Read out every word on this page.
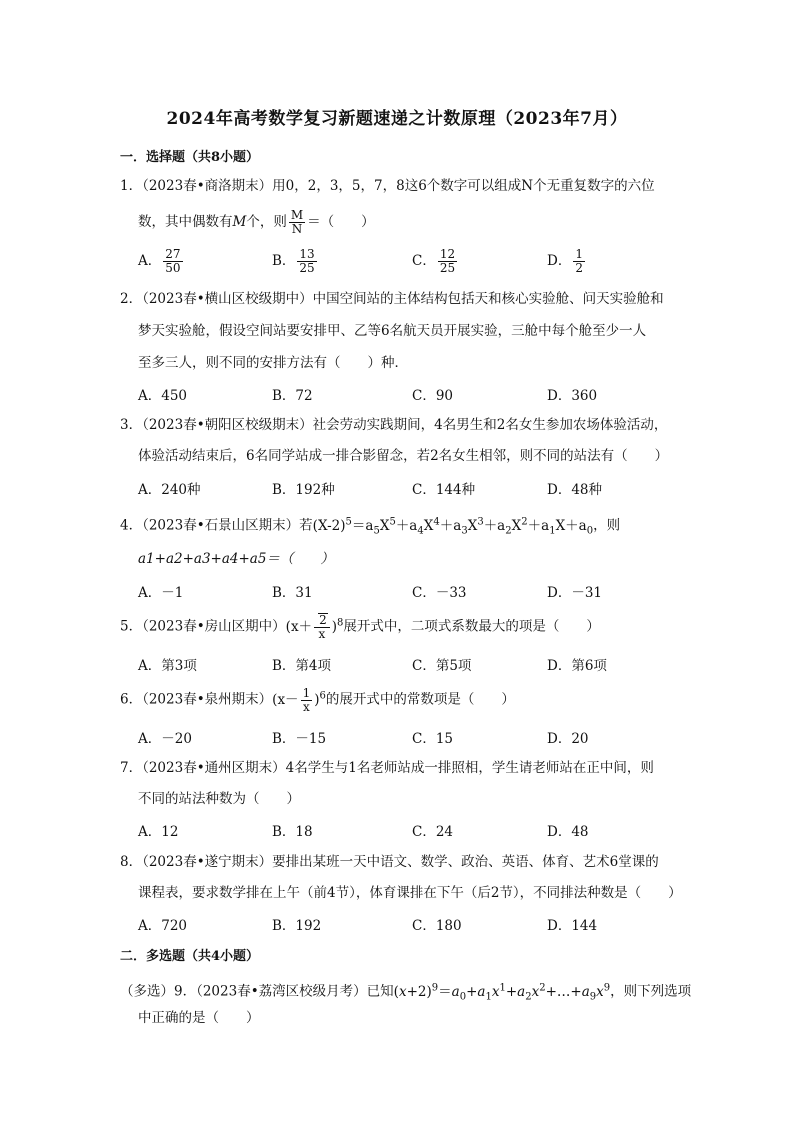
2024年高考数学复习新题速递之计数原理（2023年7月）
一．选择题（共8小题）
1．（2023春•商洛期末）用0，2，3，5，7，8这6个数字可以组成N个无重复数字的六位
数，其中偶数有M个，则 $\frac{M}{N}$ ＝（　　）
A． $\frac{27}{50}$	B． $\frac{13}{25}$	C． $\frac{12}{25}$	D． $\frac{1}{2}$
2．（2023春•横山区校级期中）中国空间站的主体结构包括天和核心实验舱、问天实验舱和
梦天实验舱，假设空间站要安排甲、乙等6名航天员开展实验，三舱中每个舱至少一人
至多三人，则不同的安排方法有（　　）种．
A．450	B．72	C．90	D．360
3．（2023春•朝阳区校级期末）社会劳动实践期间，4名男生和2名女生参加农场体验活动，
体验活动结束后，6名同学站成一排合影留念，若2名女生相邻，则不同的站法有（　　）
A．240种	B．192种	C．144种	D．48种
4．（2023春•石景山区期末）若$(X-2)^5=a_5X^5+a_4X^4+a_3X^3+a_2X^2+a_1X+a_0$，则
a1+a2+a3+a4+a5＝（　　）
A．－1	B．31	C．－33	D．－31
5．（2023春•房山区期中）$(x+ \frac{2}{x} )^8$展开式中，二项式系数最大的项是（　　）
A．第3项	B．第4项	C．第5项	D．第6项
6．（2023春•泉州期末）$(x- \frac{1}{x} )^6$的展开式中的常数项是（　　）
A．－20	B．－15	C．15	D．20
7．（2023春•通州区期末）4名学生与1名老师站成一排照相，学生请老师站在正中间，则
不同的站法种数为（　　）
A．12	B．18	C．24	D．48
8．（2023春•遂宁期末）要排出某班一天中语文、数学、政治、英语、体育、艺术6堂课的
课程表，要求数学排在上午（前4节），体育课排在下午（后2节），不同排法种数是（　　）
A．720	B．192	C．180	D．144
二．多选题（共4小题）
（多选）9．（2023春•荔湾区校级月考）已知$(x+2)^9=a_0+a_1x^1+a_2x^2+\dots+a_9x^9$，则下列选项
中正确的是（　　）
